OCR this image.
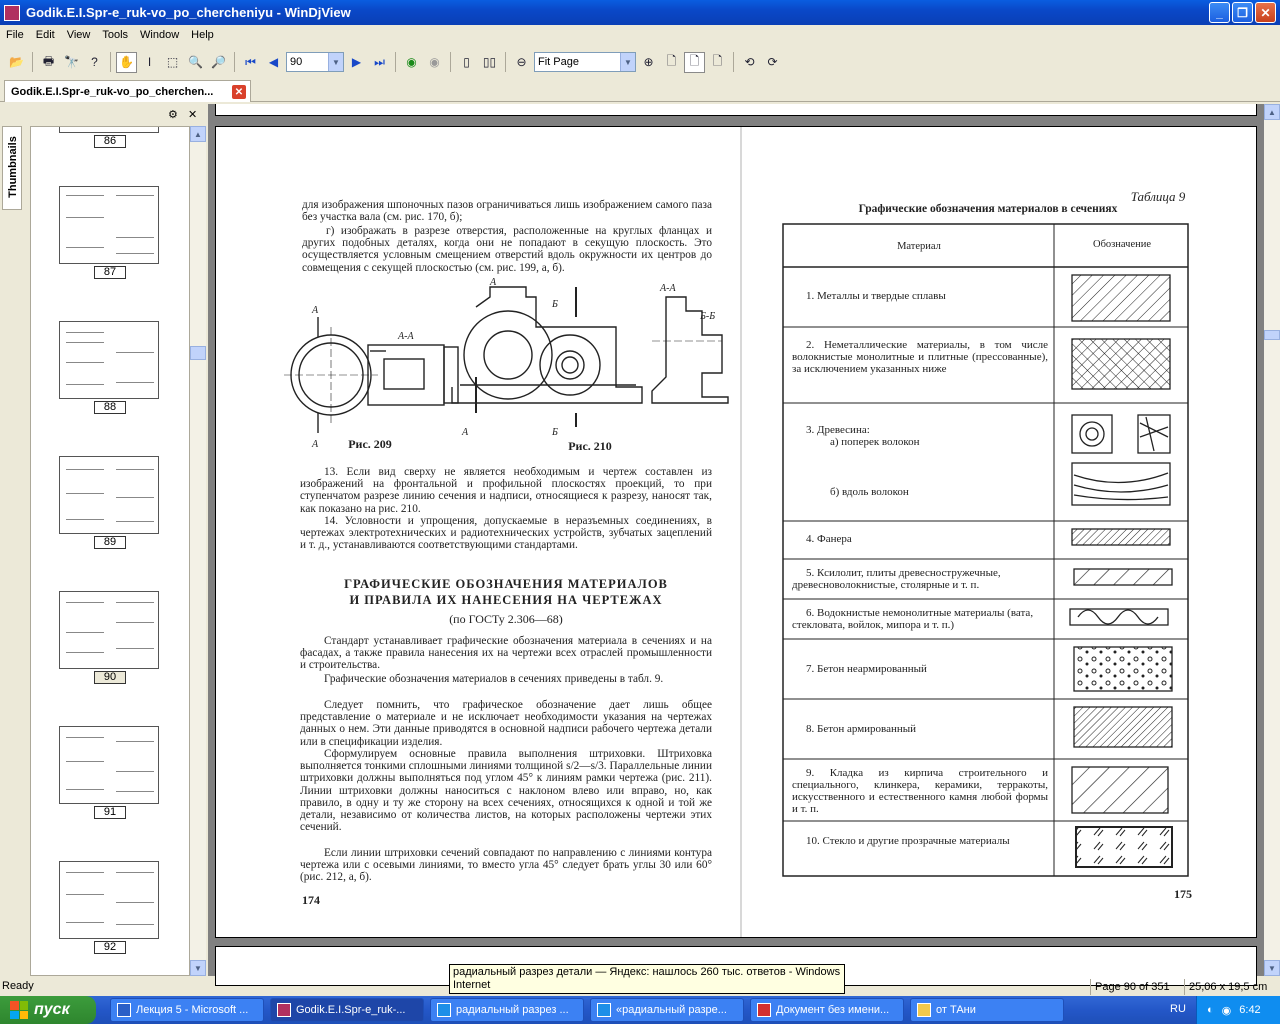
Godik.E.I.Spr-e_ruk-vo_po_chercheniyu - WinDjView	_	❐	✕
File	Edit	View	Tools	Window	Help
📂	🖶 🔭	?	✋	I	⬚ 🔍 🔎	⏮	◀	90	▼ ▶	⏭	◉	◉	▯	▯▯	⊖	Fit Page	▼ ⊕	🗋	🗋	🗋	⟲	⟳
Godik.E.I.Spr-e_ruk-vo_po_cherchen... ✕
Thumbnails
⚙ ✕
86
87
88
89
90
91
92
▲
▼
для изображения шпоночных пазов ограничиваться лишь изображением самого паза без участка вала (см. рис. 170, б);
г) изображать в разрезе отверстия, расположенные на круглых фланцах и других подобных деталях, когда они не попадают в секущую плоскость. Это осуществляется условным смещением отверстий вдоль окружности их центров до совмещения с секущей плоскостью (см. рис. 199, а, б).
А
А
А-А
А
А
Б
Б
А-А
Б-Б
Рис. 209	Рис. 210
13. Если вид сверху не является необходимым и чертеж составлен из изображений на фронтальной и профильной плоскостях проекций, то при ступенчатом разрезе линию сечения и надписи, относящиеся к разрезу, наносят так, как показано на рис. 210.
14. Условности и упрощения, допускаемые в неразъемных соединениях, в чертежах электротехнических и радиотехнических устройств, зубчатых зацеплений и т. д., устанавливаются соответствующими стандартами.
ГРАФИЧЕСКИЕ ОБОЗНАЧЕНИЯ МАТЕРИАЛОВ
И ПРАВИЛА ИХ НАНЕСЕНИЯ НА ЧЕРТЕЖАХ
(по ГОСТу 2.306—68)
Стандарт устанавливает графические обозначения материала в сечениях и на фасадах, а также правила нанесения их на чертежи всех отраслей промышленности и строительства.
Графические обозначения материалов в сечениях приведены в табл. 9.
Следует помнить, что графическое обозначение дает лишь общее представление о материале и не исключает необходимости указания на чертежах данных о нем. Эти данные приводятся в основной надписи рабочего чертежа детали или в спецификации изделия.
Сформулируем основные правила выполнения штриховки. Штриховка выполняется тонкими сплошными линиями толщиной s/2—s/3. Параллельные линии штриховки должны выполняться под углом 45° к линиям рамки чертежа (рис. 211). Линии штриховки должны наноситься с наклоном влево или вправо, но, как правило, в одну и ту же сторону на всех сечениях, относящихся к одной и той же детали, независимо от количества листов, на которых расположены чертежи этих сечений.
Если линии штриховки сечений совпадают по направлению с линиями контура чертежа или с осевыми линиями, то вместо угла 45° следует брать углы 30 или 60° (рис. 212, а, б).
174
Таблица 9
Графические обозначения материалов в сечениях
Материал	Обозначение
1. Металлы и твердые сплавы
2. Неметаллические материалы, в том числе волокнистые монолитные и плитные (прессованные), за исключением указанных ниже
3. Древесина:
а) поперек волокон
б) вдоль волокон
4. Фанера
5. Ксилолит, плиты древесностружечные, древесноволокнистые, столярные и т. п.
6. Водокнистые немонолитные материалы (вата, стекловата, войлок, мипора и т. п.)
7. Бетон неармированный
8. Бетон армированный
9. Кладка из кирпича строительного и специального, клинкера, керамики, терракоты, искусственного и естественного камня любой формы и т. п.
10. Стекло и другие прозрачные материалы
175
▲
▼
Ready	Page 90 of 351	25,06 x 19,5 cm
радиальный разрез детали — Яндекс: нашлось 260 тыс. ответов - Windows Internet
пуск	Лекция 5 - Microsoft ...	Godik.E.I.Spr-e_ruk-...	радиальный разрез ...	«радиальный разре...	Документ без имени...	от ТАни	RU ◐ ◉ 6:42
